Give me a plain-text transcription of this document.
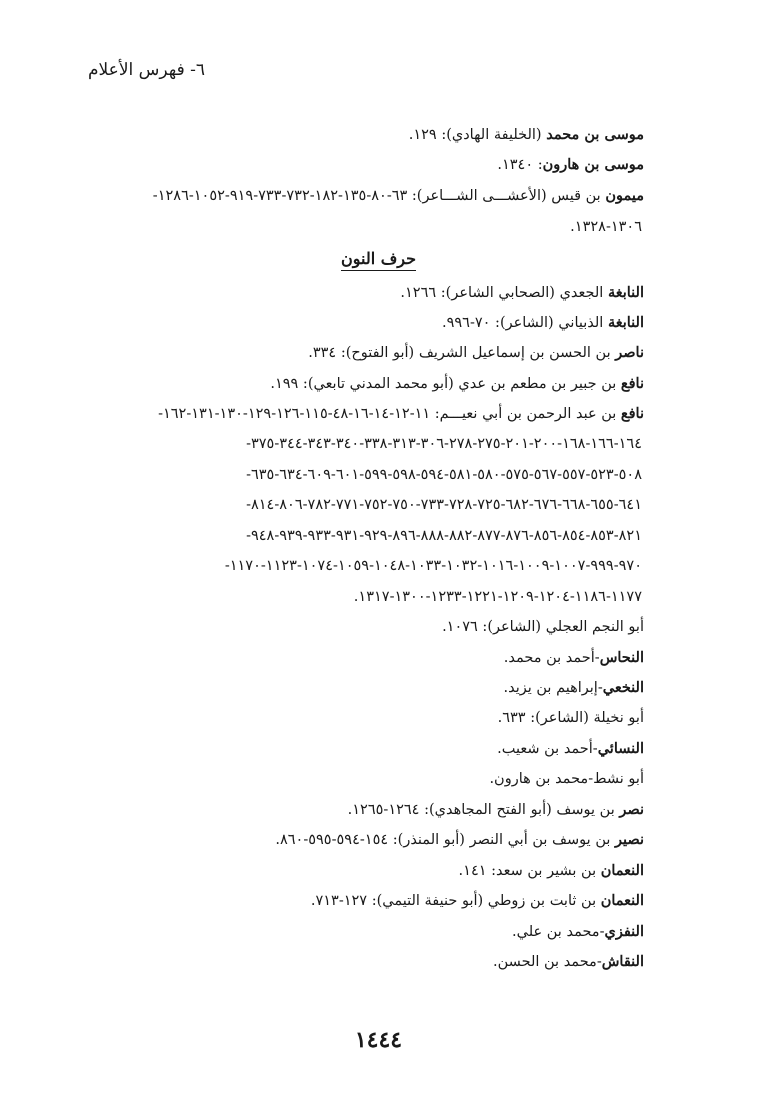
٦- فهرس الأعلام
موسى بن محمد (الخليفة الهادي): ١٢٩.
موسى بن هارون: ١٣٤٠.
ميمون بن قيس (الأعشـــى الشـــاعر): ٦٣-٨٠-١٣٥-١٨٢-٧٣٢-٧٣٣-٩١٩-١٠٥٢-١٢٨٦-
١٣٠٦-١٣٢٨.
حرف النون
النابغة الجعدي (الصحابي الشاعر): ١٢٦٦.
النابغة الذبياني (الشاعر): ٧٠-٩٩٦.
ناصر بن الحسن بن إسماعيل الشريف (أبو الفتوح): ٣٣٤.
نافع بن جبير بن مطعم بن عدي (أبو محمد المدني تابعي): ١٩٩.
نافع بن عبد الرحمن بن أبي نعيـــم: ١١-١٢-١٤-١٦-٤٨-١١٥-١٢٦-١٢٩-١٣٠-١٣١-١٦٢-
١٦٤-١٦٦-١٦٨-٢٠٠-٢٠١-٢٧٥-٢٧٨-٣٠٦-٣١٣-٣٣٨-٣٤٠-٣٤٣-٣٤٤-٣٧٥-
٥٠٨-٥٢٣-٥٥٧-٥٦٧-٥٧٥-٥٨٠-٥٨١-٥٩٤-٥٩٨-٥٩٩-٦٠١-٦٠٩-٦٣٤-٦٣٥-
٦٤١-٦٥٥-٦٦٨-٦٧٦-٦٨٢-٧٢٥-٧٢٨-٧٣٣-٧٥٠-٧٥٢-٧٧١-٧٨٢-٨٠٦-٨١٤-
٨٢١-٨٥٣-٨٥٤-٨٥٦-٨٧٦-٨٧٧-٨٨٢-٨٨٨-٨٩٦-٩٢٩-٩٣١-٩٣٣-٩٣٩-٩٤٨-
٩٧٠-٩٩٩-١٠٠٧-١٠٠٩-١٠١٦-١٠٣٢-١٠٣٣-١٠٤٨-١٠٥٩-١٠٧٤-١١٢٣-١١٧٠-
١١٧٧-١١٨٦-١٢٠٤-١٢٠٩-١٢٢١-١٢٣٣-١٣٠٠-١٣١٧.
أبو النجم العجلي (الشاعر): ١٠٧٦.
النحاس-أحمد بن محمد.
النخعي-إبراهيم بن يزيد.
أبو نخيلة (الشاعر): ٦٣٣.
النسائي-أحمد بن شعيب.
أبو نشط-محمد بن هارون.
نصر بن يوسف (أبو الفتح المجاهدي): ١٢٦٤-١٢٦٥.
نصير بن يوسف بن أبي النصر (أبو المنذر): ١٥٤-٥٩٤-٥٩٥-٨٦٠.
النعمان بن بشير بن سعد: ١٤١.
النعمان بن ثابت بن زوطي (أبو حنيفة التيمي): ١٢٧-٧١٣.
النفزي-محمد بن علي.
النقاش-محمد بن الحسن.
١٤٤٤
